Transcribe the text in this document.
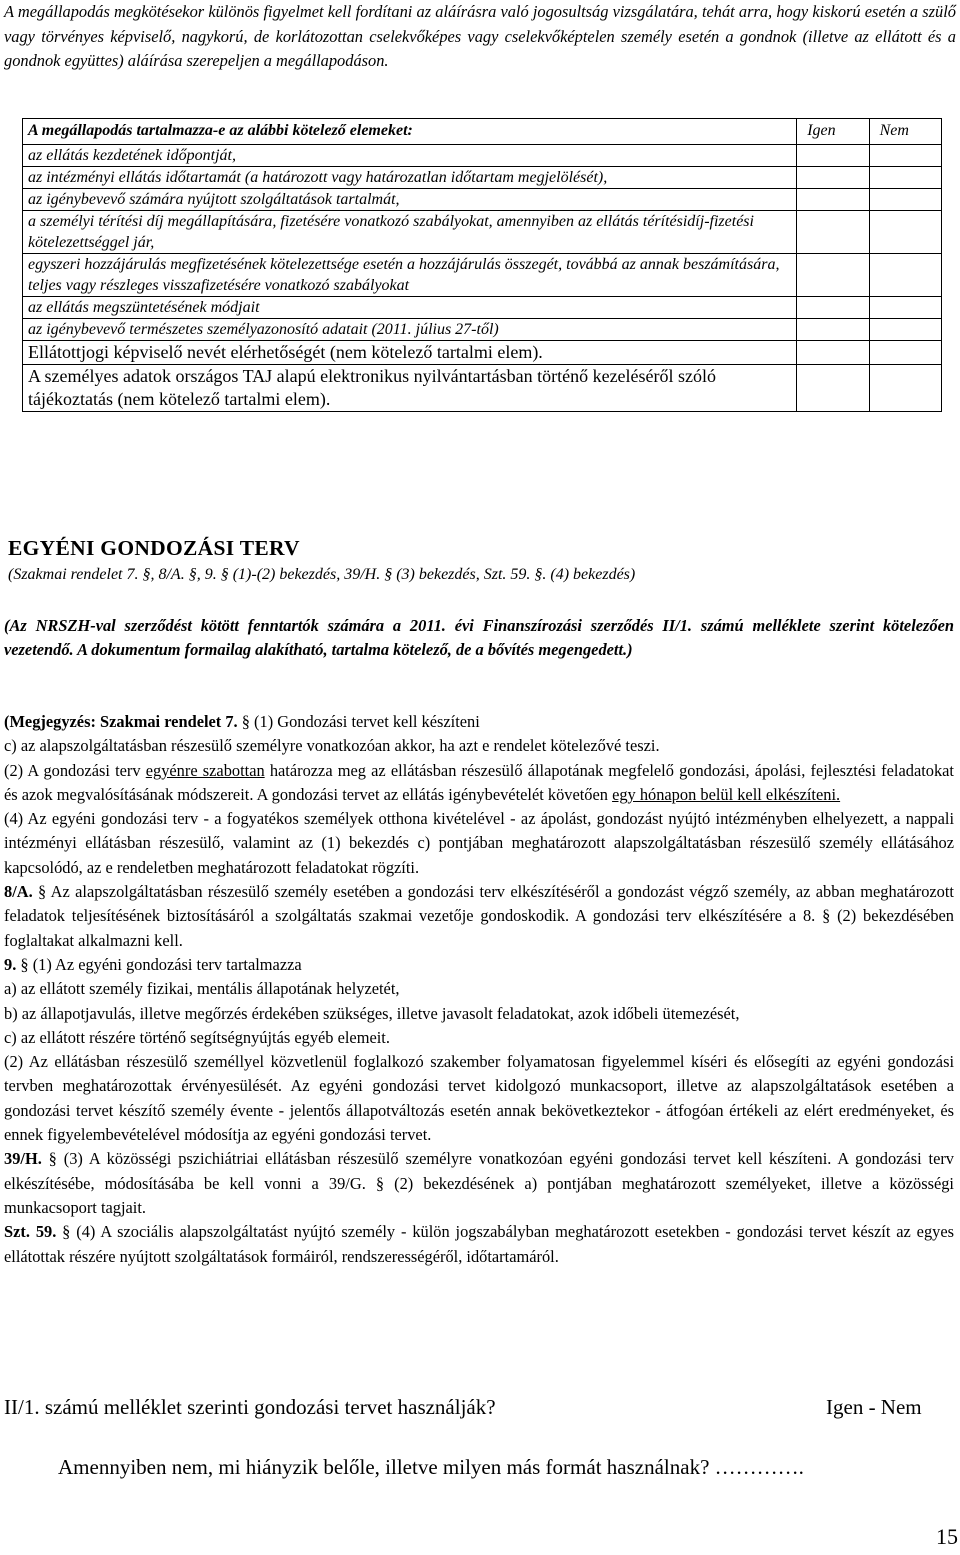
A megállapodás megkötésekor különös figyelmet kell fordítani az aláírásra való jogosultság vizsgálatára, tehát arra, hogy kiskorú esetén a szülő vagy törvényes képviselő, nagykorú, de korlátozottan cselekvőképes vagy cselekvőképtelen személy esetén a gondnok (illetve az ellátott és a gondnok együttes) aláírása szerepeljen a megállapodáson.

A megállapodás tartalmazza-e az alábbi kötelező elemeket:	Igen	Nem
az ellátás kezdetének időpontját,		
az intézményi ellátás időtartamát (a határozott vagy határozatlan időtartam megjelölését),		
az igénybevevő számára nyújtott szolgáltatások tartalmát,		
a személyi térítési díj megállapítására, fizetésére vonatkozó szabályokat, amennyiben az ellátás térítésidíj-fizetési kötelezettséggel jár,		
egyszeri hozzájárulás megfizetésének kötelezettsége esetén a hozzájárulás összegét, továbbá az annak beszámítására, teljes vagy részleges visszafizetésére vonatkozó szabályokat		
az ellátás megszüntetésének módjait		
az igénybevevő természetes személyazonosító adatait (2011. július 27-től)		
Ellátottjogi képviselő nevét elérhetőségét (nem kötelező tartalmi elem).		
A személyes adatok országos TAJ alapú elektronikus nyilvántartásban történő kezeléséről szóló tájékoztatás (nem kötelező tartalmi elem).		
EGYÉNI GONDOZÁSI TERV

(Szakmai rendelet 7. §, 8/A. §, 9. § (1)-(2) bekezdés, 39/H. § (3) bekezdés, Szt. 59. §. (4) bekezdés)

(Az NRSZH-val szerződést kötött fenntartók számára a 2011. évi Finanszírozási szerződés II/1. számú melléklete szerint kötelezően vezetendő. A dokumentum formailag alakítható, tartalma kötelező, de a bővítés megengedett.)

(Megjegyzés: Szakmai rendelet 7. § (1) Gondozási tervet kell készíteni

c) az alapszolgáltatásban részesülő személyre vonatkozóan akkor, ha azt e rendelet kötelezővé teszi.

(2) A gondozási terv egyénre szabottan határozza meg az ellátásban részesülő állapotának megfelelő gondozási, ápolási, fejlesztési feladatokat és azok megvalósításának módszereit. A gondozási tervet az ellátás igénybevételét követően egy hónapon belül kell elkészíteni.

(4) Az egyéni gondozási terv - a fogyatékos személyek otthona kivételével - az ápolást, gondozást nyújtó intézményben elhelyezett, a nappali intézményi ellátásban részesülő, valamint az (1) bekezdés c) pontjában meghatározott alapszolgáltatásban részesülő személy ellátásához kapcsolódó, az e rendeletben meghatározott feladatokat rögzíti.

8/A. § Az alapszolgáltatásban részesülő személy esetében a gondozási terv elkészítéséről a gondozást végző személy, az abban meghatározott feladatok teljesítésének biztosításáról a szolgáltatás szakmai vezetője gondoskodik. A gondozási terv elkészítésére a 8. § (2) bekezdésében foglaltakat alkalmazni kell.

9. § (1) Az egyéni gondozási terv tartalmazza

a) az ellátott személy fizikai, mentális állapotának helyzetét,

b) az állapotjavulás, illetve megőrzés érdekében szükséges, illetve javasolt feladatokat, azok időbeli ütemezését,

c) az ellátott részére történő segítségnyújtás egyéb elemeit.

(2) Az ellátásban részesülő személlyel közvetlenül foglalkozó szakember folyamatosan figyelemmel kíséri és elősegíti az egyéni gondozási tervben meghatározottak érvényesülését. Az egyéni gondozási tervet kidolgozó munkacsoport, illetve az alapszolgáltatások esetében a gondozási tervet készítő személy évente - jelentős állapotváltozás esetén annak bekövetkeztekor - átfogóan értékeli az elért eredményeket, és ennek figyelembevételével módosítja az egyéni gondozási tervet.

39/H. § (3) A közösségi pszichiátriai ellátásban részesülő személyre vonatkozóan egyéni gondozási tervet kell készíteni. A gondozási terv elkészítésébe, módosításába be kell vonni a 39/G. § (2) bekezdésének a) pontjában meghatározott személyeket, illetve a közösségi munkacsoport tagjait.

Szt. 59. § (4) A szociális alapszolgáltatást nyújtó személy - külön jogszabályban meghatározott esetekben - gondozási tervet készít az egyes ellátottak részére nyújtott szolgáltatások formáiról, rendszerességéről, időtartamáról.

II/1. számú melléklet szerinti gondozási tervet használják?	Igen - Nem

Amennyiben nem, mi hiányzik belőle, illetve milyen más formát használnak? ………….

15
